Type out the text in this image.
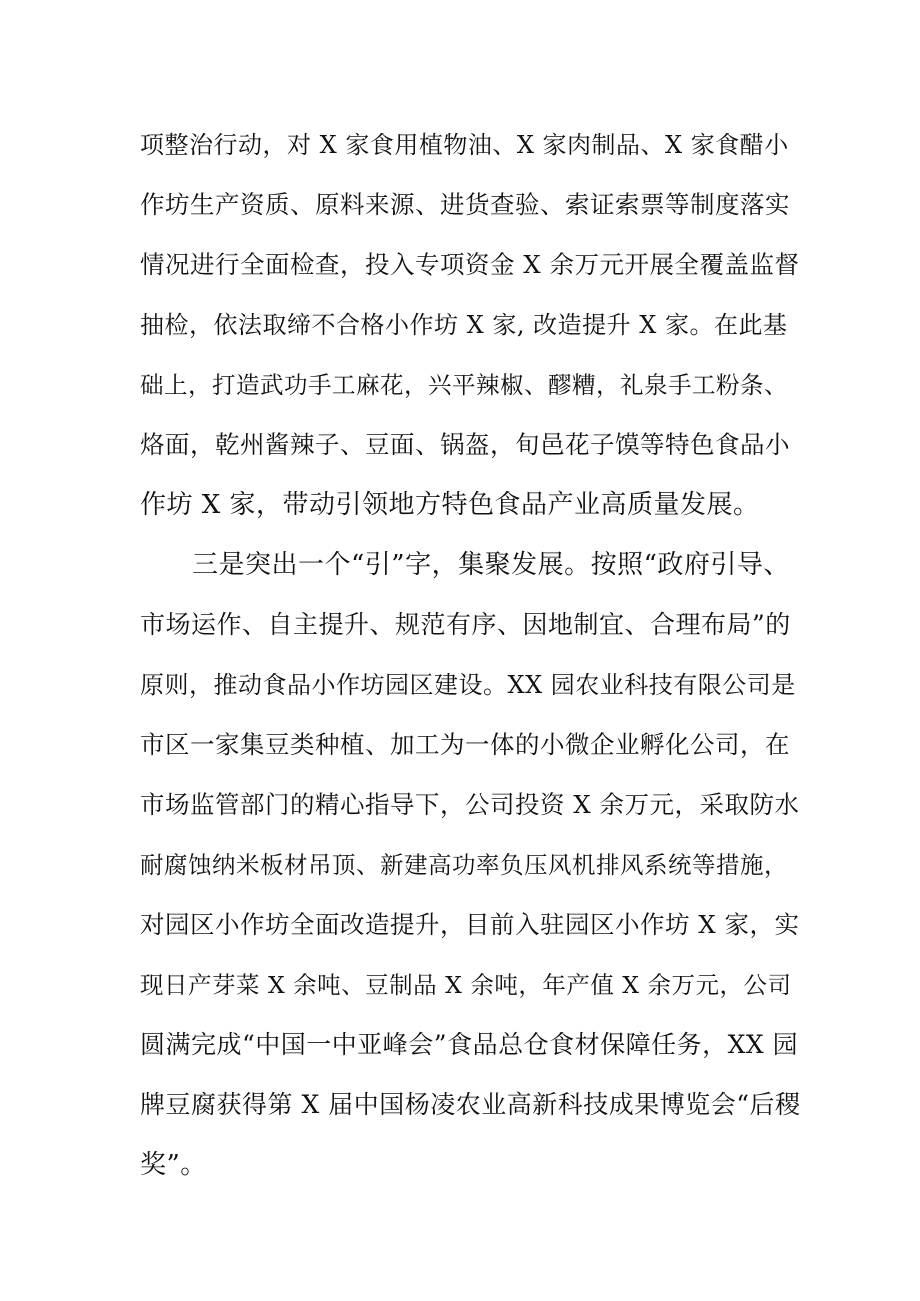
项整治行动，对 X 家食用植物油、X 家肉制品、X 家食醋小
作坊生产资质、原料来源、进货查验、索证索票等制度落实
情况进行全面检查，投入专项资金 X 余万元开展全覆盖监督
抽检，依法取缔不合格小作坊 X 家, 改造提升 X 家。在此基
础上，打造武功手工麻花，兴平辣椒、醪糟，礼泉手工粉条、
烙面，乾州酱辣子、豆面、锅盔，旬邑花子馍等特色食品小
作坊 X 家，带动引领地方特色食品产业高质量发展。
三是突出一个“引”字，集聚发展。按照“政府引导、
市场运作、自主提升、规范有序、因地制宜、合理布局”的
原则，推动食品小作坊园区建设。XX 园农业科技有限公司是
市区一家集豆类种植、加工为一体的小微企业孵化公司，在
市场监管部门的精心指导下，公司投资 X 余万元，采取防水
耐腐蚀纳米板材吊顶、新建高功率负压风机排风系统等措施，
对园区小作坊全面改造提升，目前入驻园区小作坊 X 家，实
现日产芽菜 X 余吨、豆制品 X 余吨，年产值 X 余万元，公司
圆满完成“中国一中亚峰会”食品总仓食材保障任务，XX 园
牌豆腐获得第 X 届中国杨凌农业高新科技成果博览会“后稷
奖”。
